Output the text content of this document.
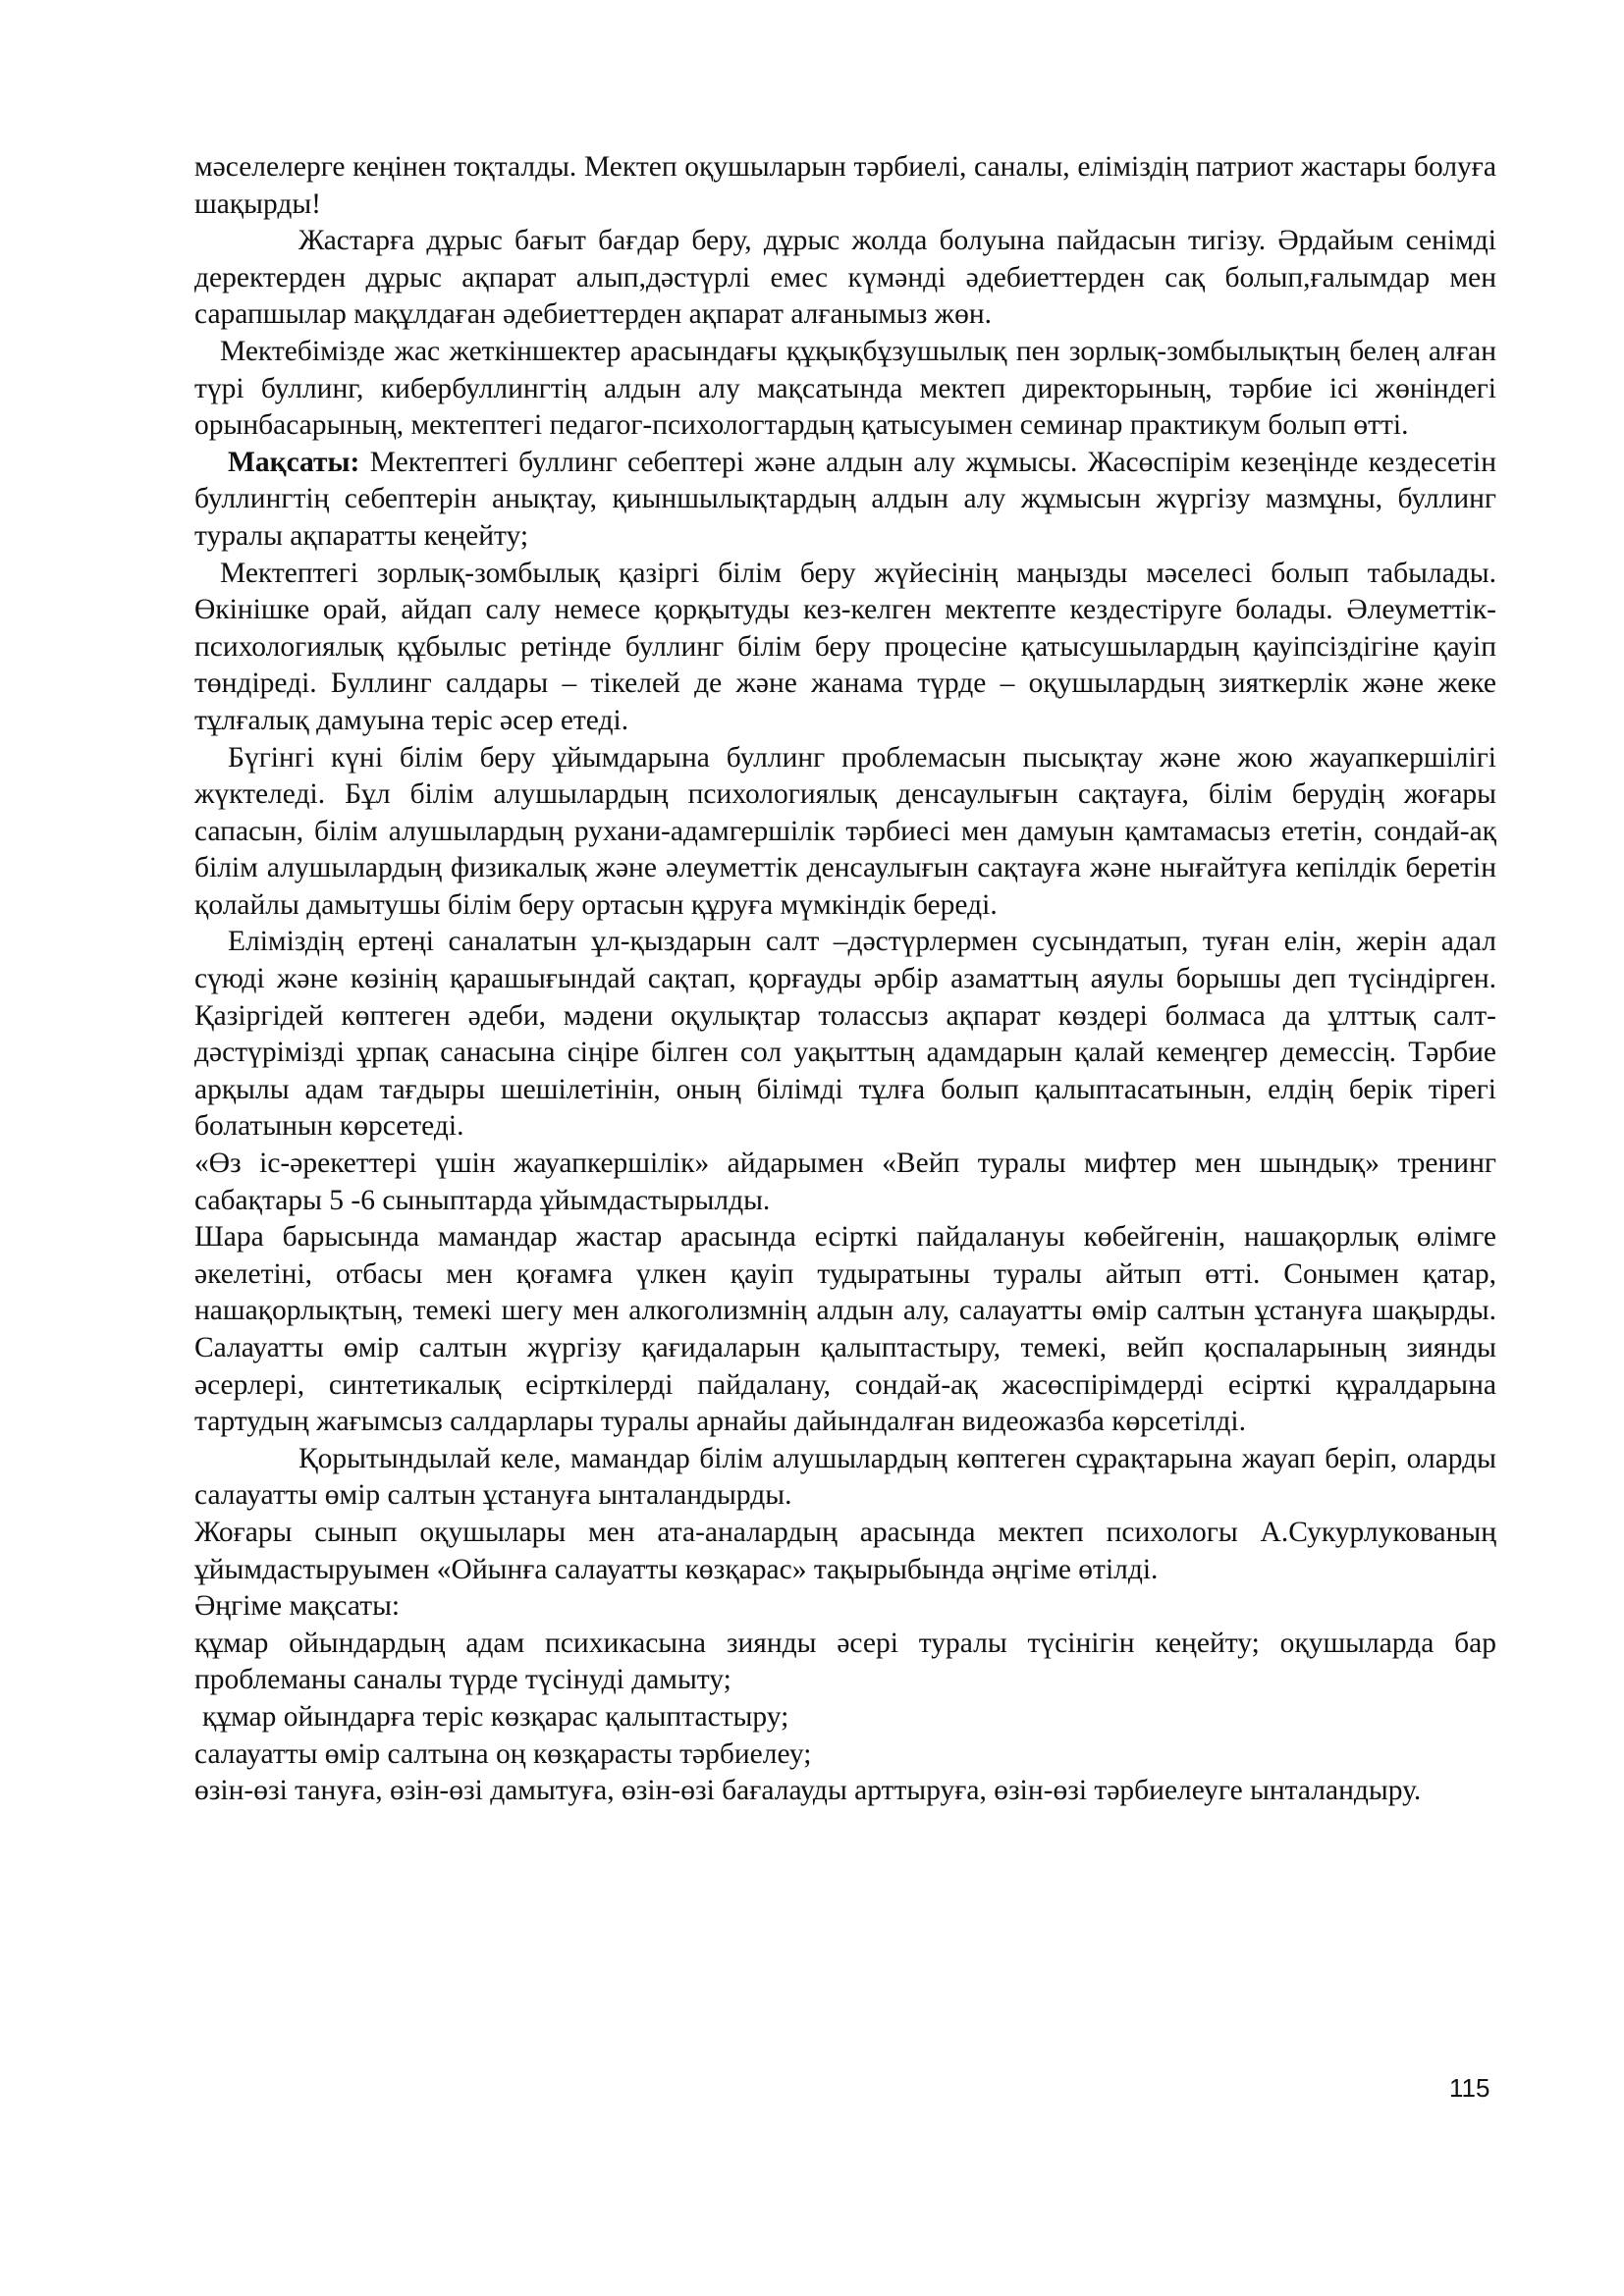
мәселелерге кеңінен тоқталды. Мектеп оқушыларын тәрбиелі, саналы, еліміздің патриот жастары болуға шақырды!

Жастарға дұрыс бағыт бағдар беру, дұрыс жолда болуына пайдасын тигізу. Әрдайым сенімді деректерден дұрыс ақпарат алып,дәстүрлі емес күмәнді әдебиеттерден сақ болып,ғалымдар мен сарапшылар мақұлдаған әдебиеттерден ақпарат алғанымыз жөн.

Мектебімізде жас жеткіншектер арасындағы құқықбұзушылық пен зорлық-зомбылықтың белең алған түрі буллинг, кибербуллингтің алдын алу мақсатында мектеп директорының, тәрбие ісі жөніндегі орынбасарының, мектептегі педагог-психологтардың қатысуымен семинар практикум болып өтті.

Мақсаты: Мектептегі буллинг себептері және алдын алу жұмысы. Жасөспірім кезеңінде кездесетін буллингтің себептерін анықтау, қиыншылықтардың алдын алу жұмысын жүргізу мазмұны, буллинг туралы ақпаратты кеңейту;

Мектептегі зорлық-зомбылық қазіргі білім беру жүйесінің маңызды мәселесі болып табылады. Өкінішке орай, айдап салу немесе қорқытуды кез-келген мектепте кездестіруге болады. Әлеуметтік-психологиялық құбылыс ретінде буллинг білім беру процесіне қатысушылардың қауіпсіздігіне қауіп төндіреді. Буллинг салдары – тікелей де және жанама түрде – оқушылардың зияткерлік және жеке тұлғалық дамуына теріс әсер етеді.

Бүгінгі күні білім беру ұйымдарына буллинг проблемасын пысықтау және жою жауапкершілігі жүктеледі. Бұл білім алушылардың психологиялық денсаулығын сақтауға, білім берудің жоғары сапасын, білім алушылардың рухани-адамгершілік тәрбиесі мен дамуын қамтамасыз ететін, сондай-ақ білім алушылардың физикалық және әлеуметтік денсаулығын сақтауға және нығайтуға кепілдік беретін қолайлы дамытушы білім беру ортасын құруға мүмкіндік береді.

Еліміздің ертеңі саналатын ұл-қыздарын салт –дәстүрлермен сусындатып, туған елін, жерін адал сүюді және көзінің қарашығындай сақтап, қорғауды әрбір азаматтың аяулы борышы деп түсіндірген. Қазіргідей көптеген әдеби, мәдени оқулықтар толассыз ақпарат көздері болмаса да ұлттық салт-дәстүрімізді ұрпақ санасына сіңіре білген сол уақыттың адамдарын қалай кемеңгер демессің. Тәрбие арқылы адам тағдыры шешілетінін, оның білімді тұлға болып қалыптасатынын, елдің берік тірегі болатынын көрсетеді.

«Өз іс-әрекеттері үшін жауапкершілік» айдарымен «Вейп туралы мифтер мен шындық» тренинг сабақтары 5 -6 сыныптарда ұйымдастырылды.

Шара барысында мамандар жастар арасында есірткі пайдалануы көбейгенін, нашақорлық өлімге әкелетіні, отбасы мен қоғамға үлкен қауіп тудыратыны туралы айтып өтті. Сонымен қатар, нашақорлықтың, темекі шегу мен алкоголизмнің алдын алу, салауатты өмір салтын ұстануға шақырды. Салауатты өмір салтын жүргізу қағидаларын қалыптастыру, темекі, вейп қоспаларының зиянды әсерлері, синтетикалық есірткілерді пайдалану, сондай-ақ жасөспірімдерді есірткі құралдарына тартудың жағымсыз салдарлары туралы арнайы дайындалған видеожазба көрсетілді.

Қорытындылай келе, мамандар білім алушылардың көптеген сұрақтарына жауап беріп, оларды салауатты өмір салтын ұстануға ынталандырды.

Жоғары сынып оқушылары мен ата-аналардың арасында мектеп психологы А.Сукурлукованың ұйымдастыруымен «Ойынға салауатты көзқарас» тақырыбында әңгіме өтілді.

Әңгіме мақсаты:

құмар ойындардың адам психикасына зиянды әсері туралы түсінігін кеңейту; оқушыларда бар проблеманы саналы түрде түсінуді дамыту;

құмар ойындарға теріс көзқарас қалыптастыру;

салауатты өмір салтына оң көзқарасты тәрбиелеу;

өзін-өзі тануға, өзін-өзі дамытуға, өзін-өзі бағалауды арттыруға, өзін-өзі тәрбиелеуге ынталандыру.

115
